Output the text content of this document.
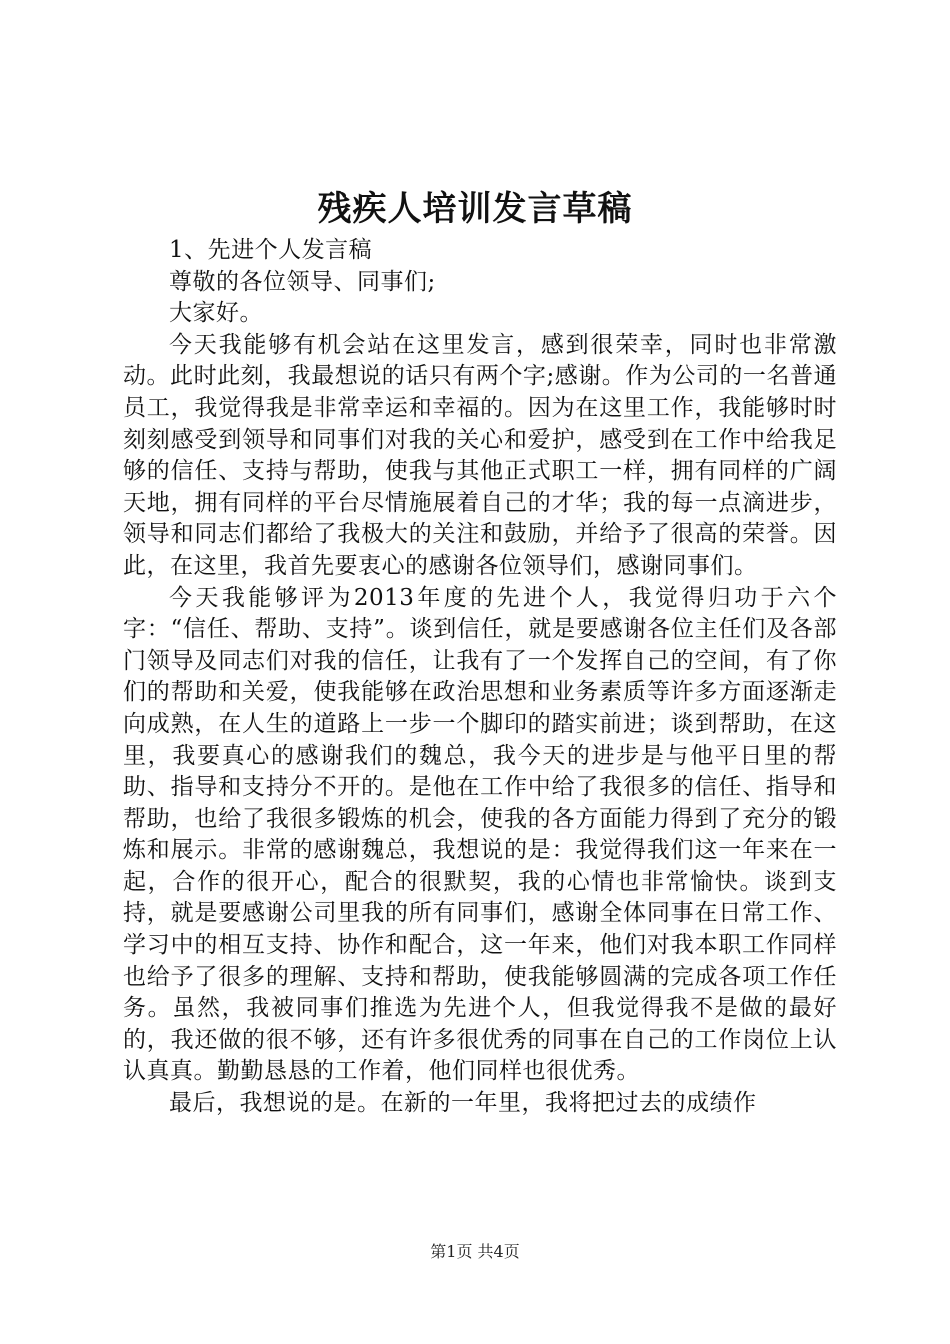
残疾人培训发言草稿

1、先进个人发言稿

尊敬的各位领导、同事们;

大家好。

今天我能够有机会站在这里发言，感到很荣幸，同时也非常激动。此时此刻，我最想说的话只有两个字;感谢。作为公司的一名普通员工，我觉得我是非常幸运和幸福的。因为在这里工作，我能够时时刻刻感受到领导和同事们对我的关心和爱护，感受到在工作中给我足够的信任、支持与帮助，使我与其他正式职工一样，拥有同样的广阔天地，拥有同样的平台尽情施展着自己的才华；我的每一点滴进步，领导和同志们都给了我极大的关注和鼓励，并给予了很高的荣誉。因此，在这里，我首先要衷心的感谢各位领导们，感谢同事们。

今天我能够评为2013年度的先进个人，我觉得归功于六个字：“信任、帮助、支持”。谈到信任，就是要感谢各位主任们及各部门领导及同志们对我的信任，让我有了一个发挥自己的空间，有了你们的帮助和关爱，使我能够在政治思想和业务素质等许多方面逐渐走向成熟，在人生的道路上一步一个脚印的踏实前进；谈到帮助，在这里，我要真心的感谢我们的魏总，我今天的进步是与他平日里的帮助、指导和支持分不开的。是他在工作中给了我很多的信任、指导和帮助，也给了我很多锻炼的机会，使我的各方面能力得到了充分的锻炼和展示。非常的感谢魏总，我想说的是：我觉得我们这一年来在一起，合作的很开心，配合的很默契，我的心情也非常愉快。谈到支持，就是要感谢公司里我的所有同事们，感谢全体同事在日常工作、学习中的相互支持、协作和配合，这一年来，他们对我本职工作同样也给予了很多的理解、支持和帮助，使我能够圆满的完成各项工作任务。虽然，我被同事们推选为先进个人，但我觉得我不是做的最好的，我还做的很不够，还有许多很优秀的同事在自己的工作岗位上认认真真。勤勤恳恳的工作着，他们同样也很优秀。

最后，我想说的是。在新的一年里，我将把过去的成绩作

第1页 共4页
